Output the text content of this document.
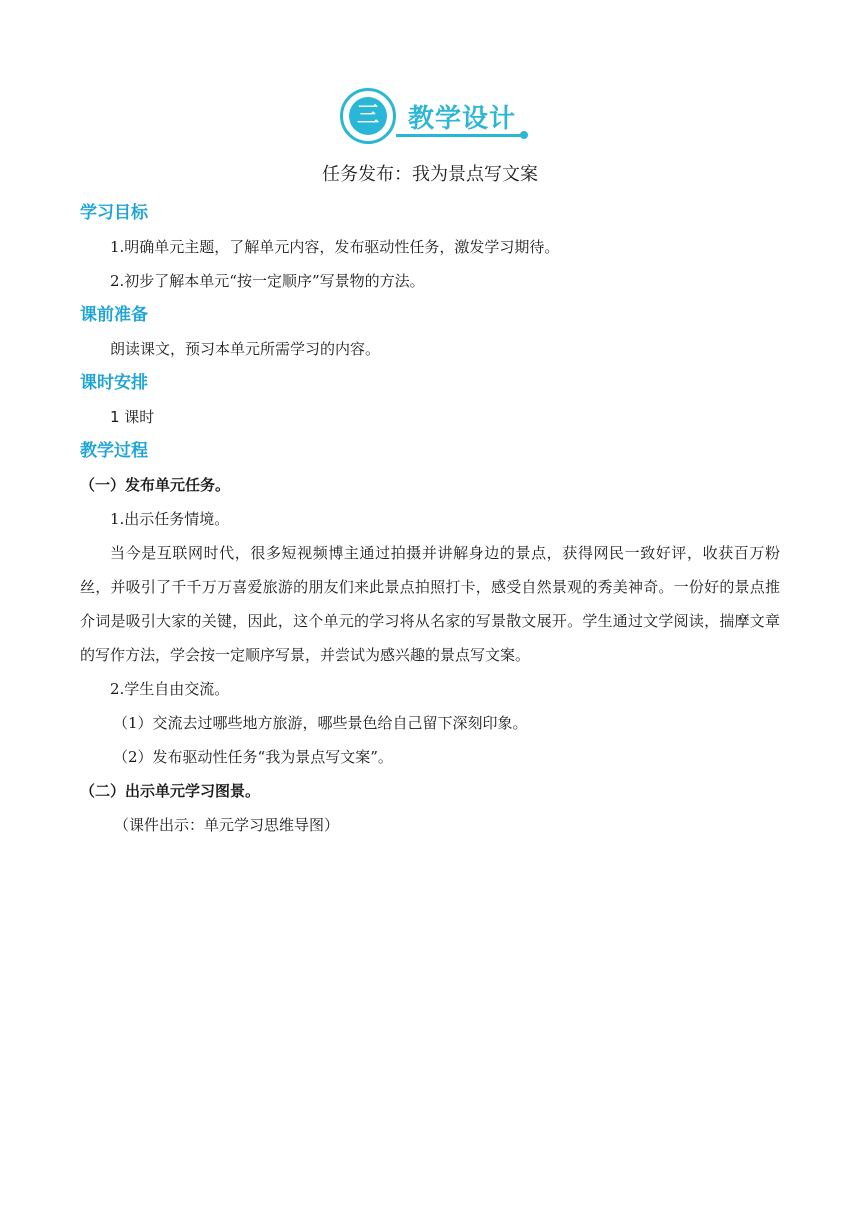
三	教学设计
任务发布：我为景点写文案
学习目标

1.明确单元主题，了解单元内容，发布驱动性任务，激发学习期待。

2.初步了解本单元“按一定顺序”写景物的方法。

课前准备

朗读课文，预习本单元所需学习的内容。

课时安排

1 课时

教学过程
（一）发布单元任务。

1.出示任务情境。

当今是互联网时代，很多短视频博主通过拍摄并讲解身边的景点，获得网民一致好评，收获百万粉丝，并吸引了千千万万喜爱旅游的朋友们来此景点拍照打卡，感受自然景观的秀美神奇。一份好的景点推介词是吸引大家的关键，因此，这个单元的学习将从名家的写景散文展开。学生通过文学阅读，揣摩文章的写作方法，学会按一定顺序写景，并尝试为感兴趣的景点写文案。

2.学生自由交流。

（1）交流去过哪些地方旅游，哪些景色给自己留下深刻印象。

（2）发布驱动性任务“我为景点写文案”。

（二）出示单元学习图景。
（课件出示：单元学习思维导图）
